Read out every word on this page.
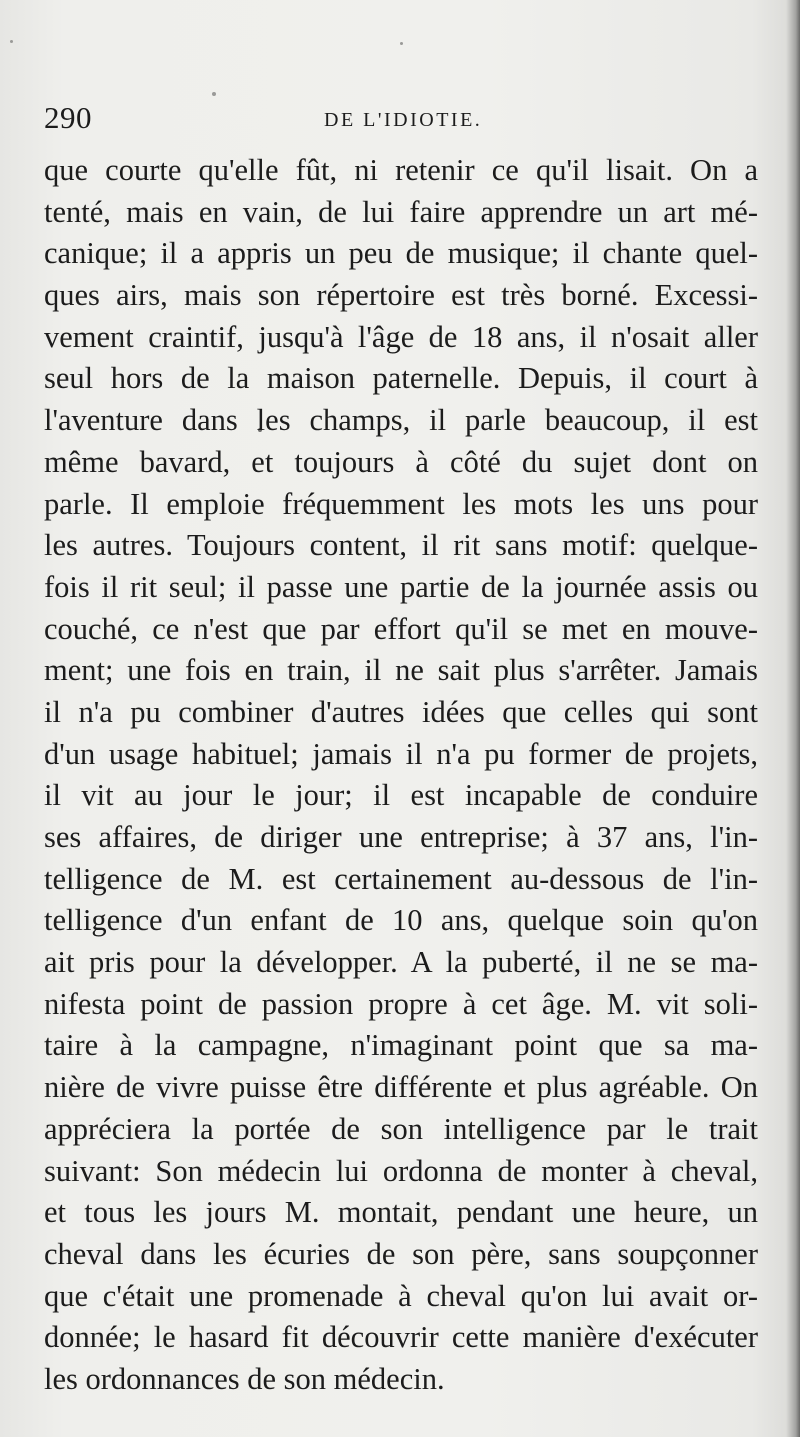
290	DE L'IDIOTIE.
que courte qu'elle fût, ni retenir ce qu'il lisait. On a
tenté, mais en vain, de lui faire apprendre un art mé-
canique; il a appris un peu de musique; il chante quel-
ques airs, mais son répertoire est très borné. Excessi-
vement craintif, jusqu'à l'âge de 18 ans, il n'osait aller
seul hors de la maison paternelle. Depuis, il court à
l'aventure dans les champs, il parle beaucoup, il est
même bavard, et toujours à côté du sujet dont on
parle. Il emploie fréquemment les mots les uns pour
les autres. Toujours content, il rit sans motif: quelque-
fois il rit seul; il passe une partie de la journée assis ou
couché, ce n'est que par effort qu'il se met en mouve-
ment; une fois en train, il ne sait plus s'arrêter. Jamais
il n'a pu combiner d'autres idées que celles qui sont
d'un usage habituel; jamais il n'a pu former de projets,
il vit au jour le jour; il est incapable de conduire
ses affaires, de diriger une entreprise; à 37 ans, l'in-
telligence de M. est certainement au-dessous de l'in-
telligence d'un enfant de 10 ans, quelque soin qu'on
ait pris pour la développer. A la puberté, il ne se ma-
nifesta point de passion propre à cet âge. M. vit soli-
taire à la campagne, n'imaginant point que sa ma-
nière de vivre puisse être différente et plus agréable. On
appréciera la portée de son intelligence par le trait
suivant: Son médecin lui ordonna de monter à cheval,
et tous les jours M. montait, pendant une heure, un
cheval dans les écuries de son père, sans soupçonner
que c'était une promenade à cheval qu'on lui avait or-
donnée; le hasard fit découvrir cette manière d'exécuter
les ordonnances de son médecin.
